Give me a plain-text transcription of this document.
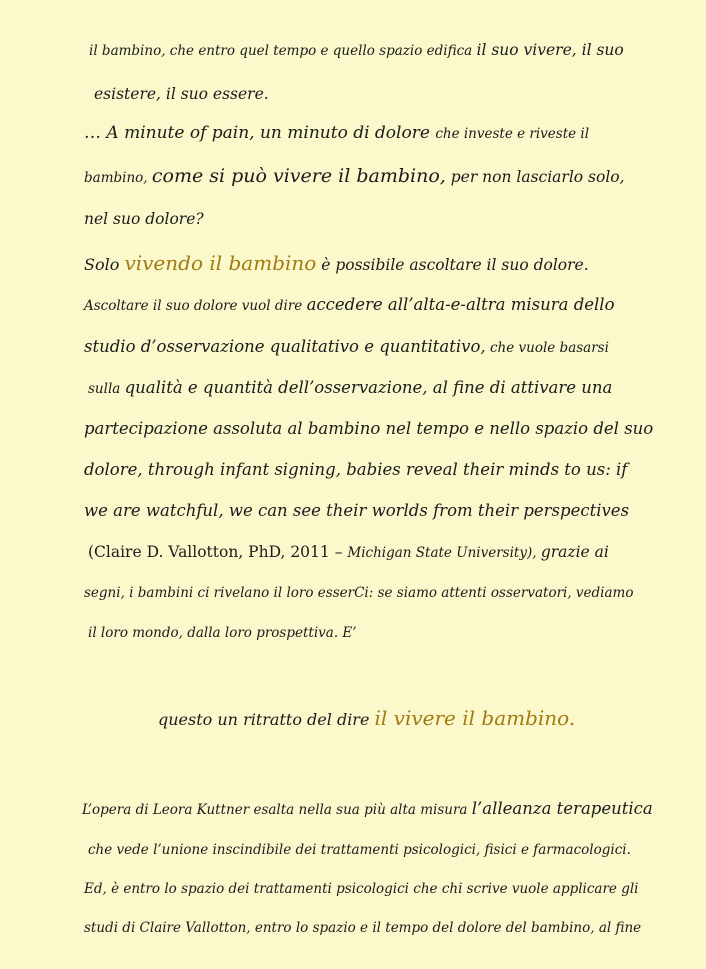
il bambino, che entro quel tempo e quello spazio edifica il suo vivere, il suo
esistere, il suo essere.
… A minute of pain, un minuto di dolore che investe e riveste il
bambino, come si può vivere il bambino, per non lasciarlo solo,
nel suo dolore?
Solo vivendo il bambino è possibile ascoltare il suo dolore.
Ascoltare il suo dolore vuol dire accedere all’alta-e-altra misura dello
studio d’osservazione qualitativo e quantitativo, che vuole basarsi
sulla qualità e quantità dell’osservazione, al fine di attivare una
partecipazione assoluta al bambino nel tempo e nello spazio del suo
dolore, through infant signing, babies reveal their minds to us: if
we are watchful, we can see their worlds from their perspectives
(Claire D. Vallotton, PhD, 2011 – Michigan State University), grazie ai
segni, i bambini ci rivelano il loro esserCi: se siamo attenti osservatori, vediamo
il loro mondo, dalla loro prospettiva. E’
questo un ritratto del dire il vivere il bambino.
L’opera di Leora Kuttner esalta nella sua più alta misura l’alleanza terapeutica
che vede l’unione inscindibile dei trattamenti psicologici, fisici e farmacologici.
Ed, è entro lo spazio dei trattamenti psicologici che chi scrive vuole applicare gli
studi di Claire Vallotton, entro lo spazio e il tempo del dolore del bambino, al fine
